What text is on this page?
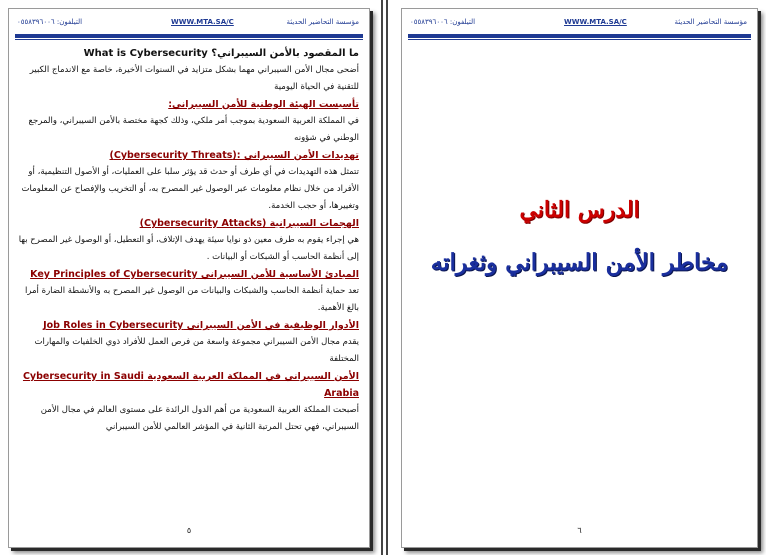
التيلفون: ٠٥٥٨٣٩٦٠٠٦	WWW.MTA.SA/C	مؤسسة التحاضير الحديثة
ما المقصود بالأمن السيبراني؟ What is Cybersecurity
أضحى مجال الأمن السيبراني مهما بشكل متزايد في السنوات الأخيرة، خاصة مع الاندماج الكبير للتقنية في الحياة اليومية
تأسيست الهيئة الوطنية للأمن السيبراني:
في المملكة العربية السعودية بموجب أمر ملكي، وذلك كجهة مختصة بالأمن السيبراني، والمرجع الوطني في شؤونه
تهديدات الأمن السيبراني :(Cybersecurity Threats)
تتمثل هذه التهديدات في أي طرف أو حدث قد يؤثر سلبا على العمليات، أو الأصول التنظيمية، أو الأفراد من خلال نظام معلومات عبر الوصول غير المصرح به، أو التخريب والإفصاح عن المعلومات وتغييرها، أو حجب الخدمة.
الهجمات السيبرانية (Cybersecurity Attacks)
هي إجراء يقوم به طرف معين ذو نوايا سيئة يهدف الإتلاف، أو التعطيل، أو الوصول غير المصرح بها إلى أنظمة الحاسب أو الشبكات أو البيانات .
المبادئ الأساسية للأمن السيبراني Key Principles of Cybersecurity
تعد حماية أنظمة الحاسب والشبكات والبيانات من الوصول غير المصرح به والأنشطة الضارة أمرا بالغ الأهمية.
الأدوار الوظيفية في الأمن السيبراني Job Roles in Cybersecurity
يقدم مجال الأمن السيبراني مجموعة واسعة من فرص العمل للأفراد ذوي الخلفيات والمهارات المختلفة
الأمن السيبراني في المملكة العربية السعودية Cybersecurity in Saudi Arabia
أصبحت المملكة العربية السعودية من أهم الدول الرائدة على مستوى العالم في مجال الأمن السيبراني، فهي تحتل المرتبة الثانية في المؤشر العالمي للأمن السيبراني
٥
التيلفون: ٠٥٥٨٣٩٦٠٠٦	WWW.MTA.SA/C	مؤسسة التحاضير الحديثة
الدرس الثاني
مخاطر الأمن السيبراني وثغراته
٦
